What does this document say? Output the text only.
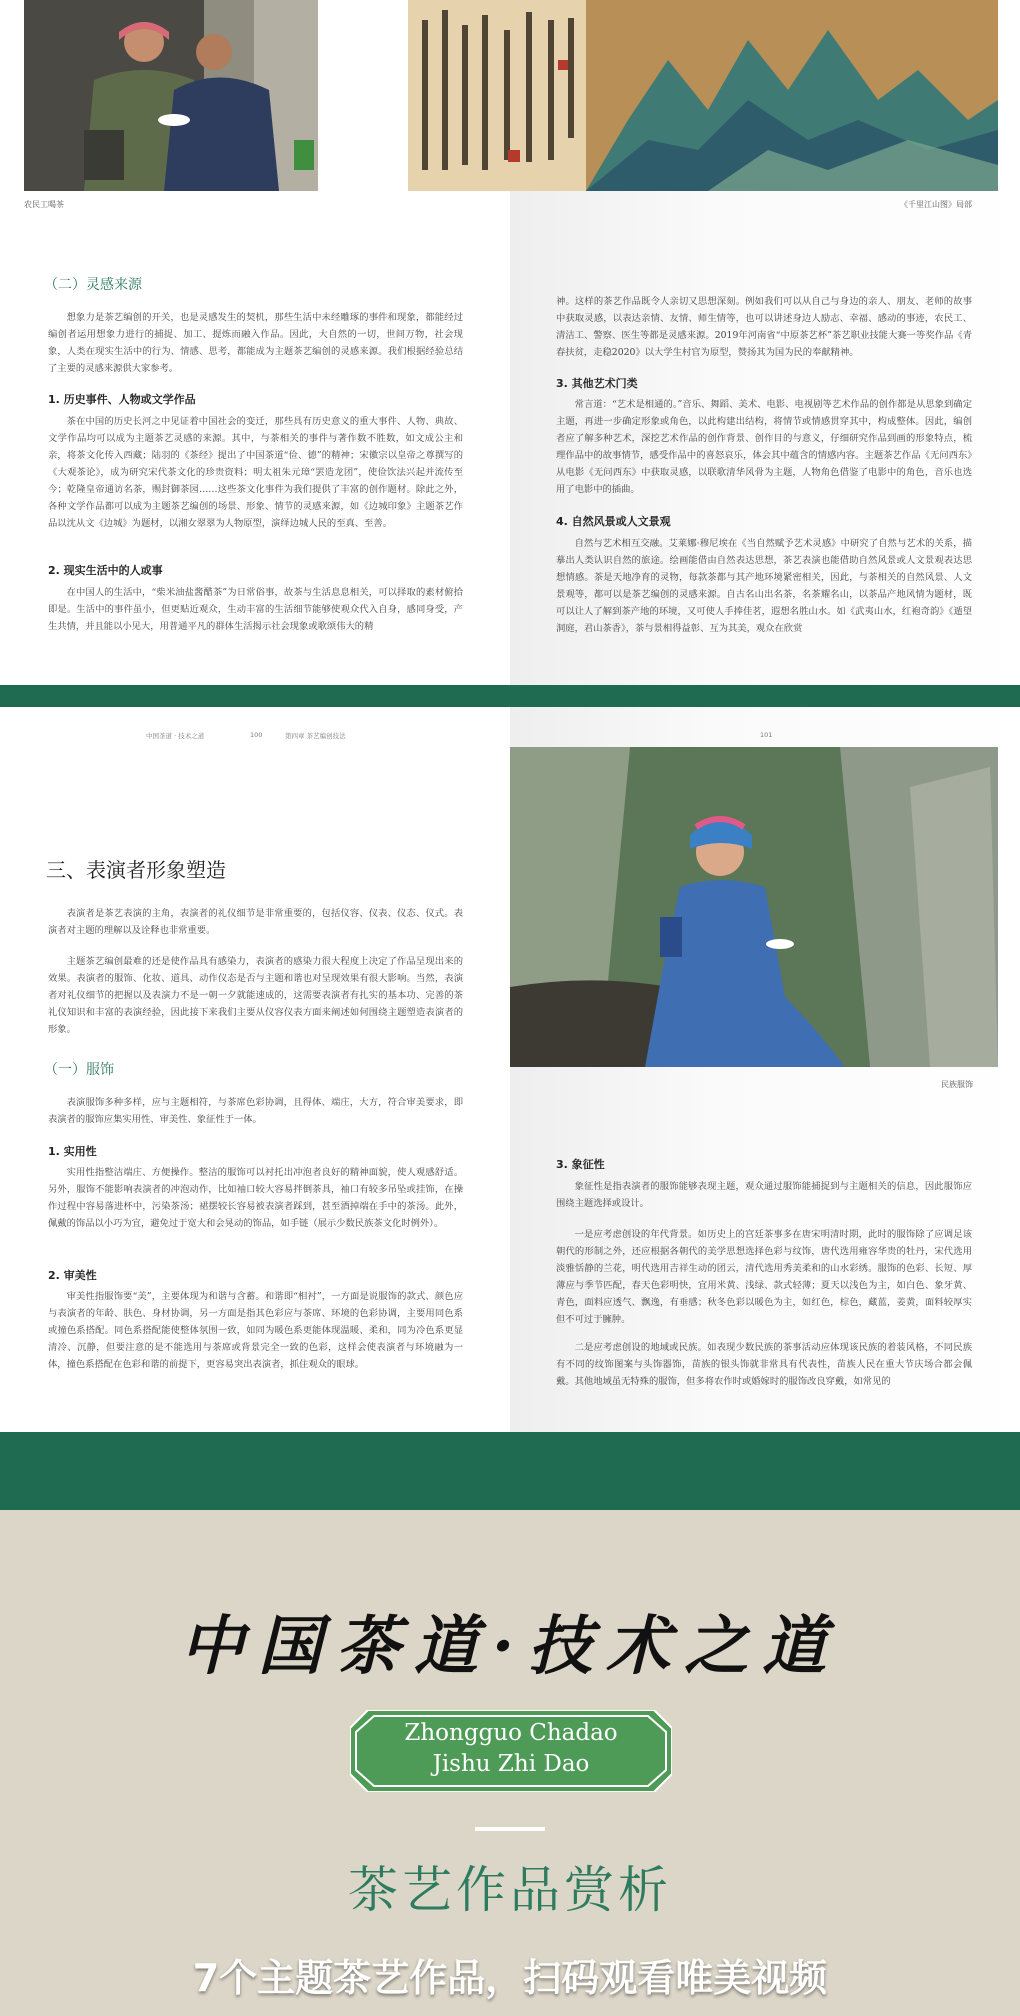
农民工喝茶	《千里江山图》局部
（二）灵感来源
想象力是茶艺编创的开关，也是灵感发生的契机，那些生活中未经雕琢的事件和现象，都能经过编创者运用想象力进行的捕捉、加工、提炼而融入作品。因此，大自然的一切，世间万物，社会现象，人类在现实生活中的行为、情感、思考，都能成为主题茶艺编创的灵感来源。我们根据经验总结了主要的灵感来源供大家参考。
1. 历史事件、人物或文学作品
茶在中国的历史长河之中见证着中国社会的变迁，那些具有历史意义的重大事件、人物、典故、文学作品均可以成为主题茶艺灵感的来源。其中，与茶相关的事件与著作数不胜数，如文成公主和亲，将茶文化传入西藏；陆羽的《茶经》提出了中国茶道“俭、德”的精神；宋徽宗以皇帝之尊撰写的《大观茶论》，成为研究宋代茶文化的珍贵资料；明太祖朱元璋“罢造龙团”，使俭饮法兴起并流传至今；乾隆皇帝通访名茶，赐封御茶园……这些茶文化事件为我们提供了丰富的创作题材。除此之外，各种文学作品都可以成为主题茶艺编创的场景、形象、情节的灵感来源，如《边城印象》主题茶艺作品以沈从文《边城》为题材，以湘女翠翠为人物原型，演绎边城人民的至真、至善。
2. 现实生活中的人或事
在中国人的生活中，“柴米油盐酱醋茶”为日常俗事，故茶与生活息息相关，可以择取的素材俯拾即是。生活中的事件虽小，但更贴近观众，生动丰富的生活细节能够使观众代入自身，感同身受，产生共情，并且能以小见大，用普通平凡的群体生活揭示社会现象或歌颂伟大的精
神。这样的茶艺作品既令人亲切又思想深刻。例如我们可以从自己与身边的亲人、朋友、老师的故事中获取灵感，以表达亲情、友情、师生情等，也可以讲述身边人励志、幸福、感动的事迹，农民工、清洁工、警察、医生等都是灵感来源。2019年河南省“中原茶艺杯”茶艺职业技能大赛一等奖作品《青春扶贫，走稳2020》以大学生村官为原型，赞扬其为国为民的奉献精神。
3. 其他艺术门类
常言道：“艺术是相通的。”音乐、舞蹈、美术、电影、电视剧等艺术作品的创作都是从思象到确定主题，再进一步确定形象或角色，以此构建出结构，将情节或情感贯穿其中，构成整体。因此，编创者应了解多种艺术，深挖艺术作品的创作背景、创作目的与意义，仔细研究作品到画的形象特点，梳理作品中的故事情节，感受作品中的喜怒哀乐，体会其中蕴含的情感内容。主题茶艺作品《无问西东》从电影《无问西东》中获取灵感，以联歌清华风骨为主题，人物角色借鉴了电影中的角色，音乐也选用了电影中的插曲。
4. 自然风景或人文景观
自然与艺术相互交融。艾莱娜·穆尼埃在《当自然赋予艺术灵感》中研究了自然与艺术的关系，描摹出人类认识自然的旅途。绘画能借由自然表达思想，茶艺表演也能借助自然风景或人文景观表达思想情感。茶是天地净育的灵物，每款茶都与其产地环境紧密相关，因此，与茶相关的自然风景、人文景观等，都可以是茶艺编创的灵感来源。自古名山出名茶，名茶耀名山，以茶品产地风情为题材，既可以让人了解到茶产地的环境，又可使人手捧佳茗，遐想名胜山水。如《武夷山水，红袍奇韵》《遁望洞庭，君山茶香》，茶与景相得益彰、互为其美，观众在欣赏
中国茶道 · 技术之道	100	第四章 茶艺编创技法	101
三、表演者形象塑造
表演者是茶艺表演的主角，表演者的礼仪细节是非常重要的，包括仪容、仪表、仪态、仪式。表演者对主题的理解以及诠释也非常重要。
主题茶艺编创最难的还是使作品具有感染力，表演者的感染力很大程度上决定了作品呈现出来的效果。表演者的服饰、化妆、道具、动作仪态是否与主题和谐也对呈现效果有很大影响。当然，表演者对礼仪细节的把握以及表演力不是一朝一夕就能速成的，这需要表演者有扎实的基本功、完善的茶礼仪知识和丰富的表演经验，因此接下来我们主要从仪容仪表方面来阐述如何围绕主题塑造表演者的形象。
（一）服饰
表演服饰多种多样，应与主题相符，与茶席色彩协调，且得体、端庄，大方，符合审美要求，即表演者的服饰应集实用性、审美性、象征性于一体。
1. 实用性
实用性指整洁端庄、方便操作。整洁的服饰可以衬托出冲泡者良好的精神面貌，使人观感舒适。另外，服饰不能影响表演者的冲泡动作，比如袖口较大容易拌倒茶具，袖口有较多吊坠或挂饰，在操作过程中容易落进杯中，污染茶汤；裙摆较长容易被表演者踩到，甚至酒掉端在手中的茶汤。此外，佩戴的饰品以小巧为宜，避免过于宽大和会晃动的饰品，如手链（展示少数民族茶文化时例外）。
2. 审美性
审美性指服饰要“美”，主要体现为和谐与含蓄。和谐即“相衬”，一方面是说服饰的款式、颜色应与表演者的年龄、肤色、身材协调，另一方面是指其色彩应与茶席、环境的色彩协调，主要用同色系或撞色系搭配。同色系搭配能使整体氛围一致，如同为暖色系更能体现温暖、柔和，同为冷色系更显清冷、沉静，但要注意的是不能选用与茶席或背景完全一致的色彩，这样会使表演者与环境融为一体，撞色系搭配在色彩和谐的前提下，更容易突出表演者，抓住观众的眼球。
民族服饰
3. 象征性
象征性是指表演者的服饰能够表现主题，观众通过服饰能捕捉到与主题相关的信息，因此服饰应围绕主题选择或设计。
一是应考虑创设的年代背景。如历史上的宫廷茶事多在唐宋明清时期，此时的服饰除了应调足该朝代的形制之外，还应根据各朝代的美学思想选择色彩与纹饰，唐代选用雍容华贵的牡丹，宋代选用淡雅恬静的兰花，明代选用吉祥生动的团云，清代选用秀美柔和的山水彩绣。服饰的色彩、长短、厚薄应与季节匹配，春天色彩明快，宜用米黄、浅绿、款式轻薄；夏天以浅色为主，如白色、象牙黄、青色，面料应透气、飘逸，有垂感；秋冬色彩以暖色为主，如红色，棕色，藏蓝，姜黄，面料较厚实但不可过于臃肿。
二是应考虑创设的地域或民族。如表现少数民族的茶事活动应体现该民族的着装风格，不同民族有不同的纹饰图案与头饰器饰，苗族的银头饰就非常具有代表性，苗族人民在重大节庆场合都会佩戴。其他地域虽无特殊的服饰，但多将农作时或婚嫁时的服饰改良穿戴，如常见的
中国茶道·技术之道
Zhongguo Chadao
Jishu Zhi Dao
茶艺作品赏析
7个主题茶艺作品，扫码观看唯美视频
